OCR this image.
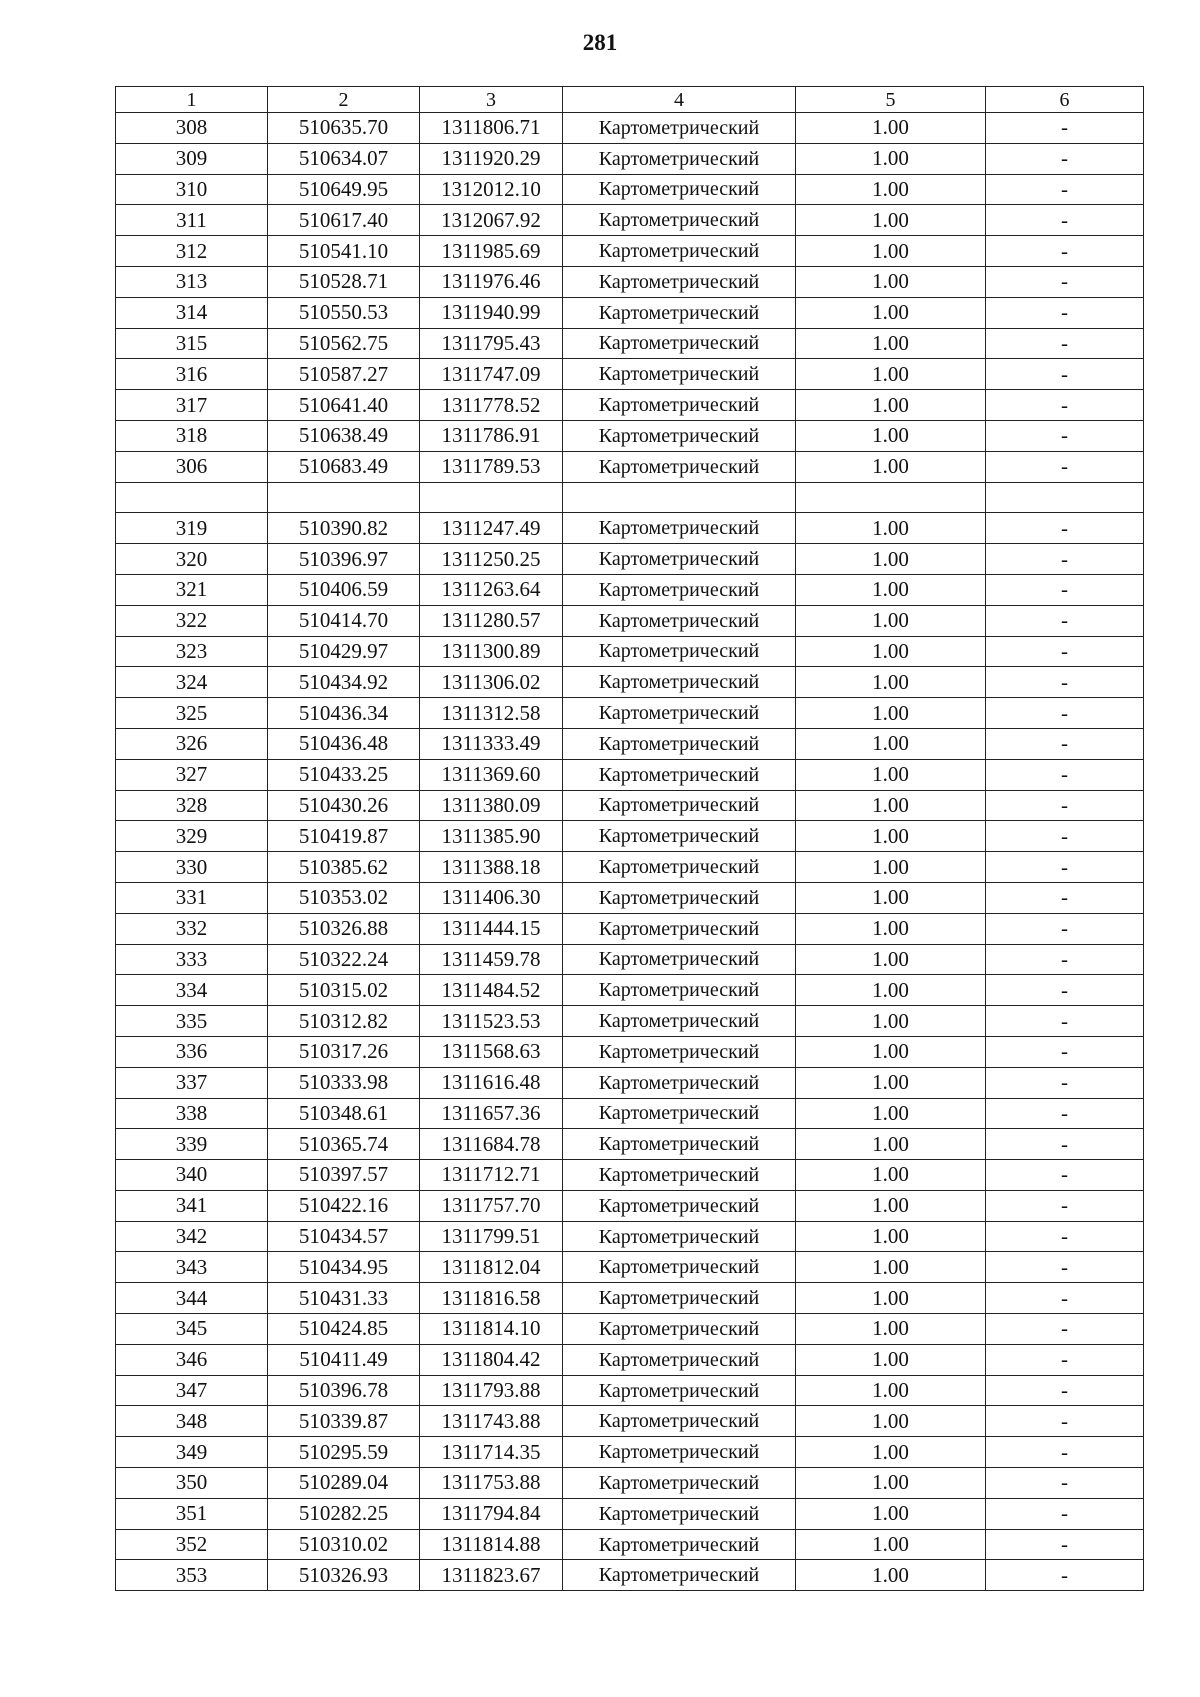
281
1	2	3	4	5	6
308	510635.70	1311806.71	Картометрический	1.00	-
309	510634.07	1311920.29	Картометрический	1.00	-
310	510649.95	1312012.10	Картометрический	1.00	-
311	510617.40	1312067.92	Картометрический	1.00	-
312	510541.10	1311985.69	Картометрический	1.00	-
313	510528.71	1311976.46	Картометрический	1.00	-
314	510550.53	1311940.99	Картометрический	1.00	-
315	510562.75	1311795.43	Картометрический	1.00	-
316	510587.27	1311747.09	Картометрический	1.00	-
317	510641.40	1311778.52	Картометрический	1.00	-
318	510638.49	1311786.91	Картометрический	1.00	-
306	510683.49	1311789.53	Картометрический	1.00	-

319	510390.82	1311247.49	Картометрический	1.00	-
320	510396.97	1311250.25	Картометрический	1.00	-
321	510406.59	1311263.64	Картометрический	1.00	-
322	510414.70	1311280.57	Картометрический	1.00	-
323	510429.97	1311300.89	Картометрический	1.00	-
324	510434.92	1311306.02	Картометрический	1.00	-
325	510436.34	1311312.58	Картометрический	1.00	-
326	510436.48	1311333.49	Картометрический	1.00	-
327	510433.25	1311369.60	Картометрический	1.00	-
328	510430.26	1311380.09	Картометрический	1.00	-
329	510419.87	1311385.90	Картометрический	1.00	-
330	510385.62	1311388.18	Картометрический	1.00	-
331	510353.02	1311406.30	Картометрический	1.00	-
332	510326.88	1311444.15	Картометрический	1.00	-
333	510322.24	1311459.78	Картометрический	1.00	-
334	510315.02	1311484.52	Картометрический	1.00	-
335	510312.82	1311523.53	Картометрический	1.00	-
336	510317.26	1311568.63	Картометрический	1.00	-
337	510333.98	1311616.48	Картометрический	1.00	-
338	510348.61	1311657.36	Картометрический	1.00	-
339	510365.74	1311684.78	Картометрический	1.00	-
340	510397.57	1311712.71	Картометрический	1.00	-
341	510422.16	1311757.70	Картометрический	1.00	-
342	510434.57	1311799.51	Картометрический	1.00	-
343	510434.95	1311812.04	Картометрический	1.00	-
344	510431.33	1311816.58	Картометрический	1.00	-
345	510424.85	1311814.10	Картометрический	1.00	-
346	510411.49	1311804.42	Картометрический	1.00	-
347	510396.78	1311793.88	Картометрический	1.00	-
348	510339.87	1311743.88	Картометрический	1.00	-
349	510295.59	1311714.35	Картометрический	1.00	-
350	510289.04	1311753.88	Картометрический	1.00	-
351	510282.25	1311794.84	Картометрический	1.00	-
352	510310.02	1311814.88	Картометрический	1.00	-
353	510326.93	1311823.67	Картометрический	1.00	-
